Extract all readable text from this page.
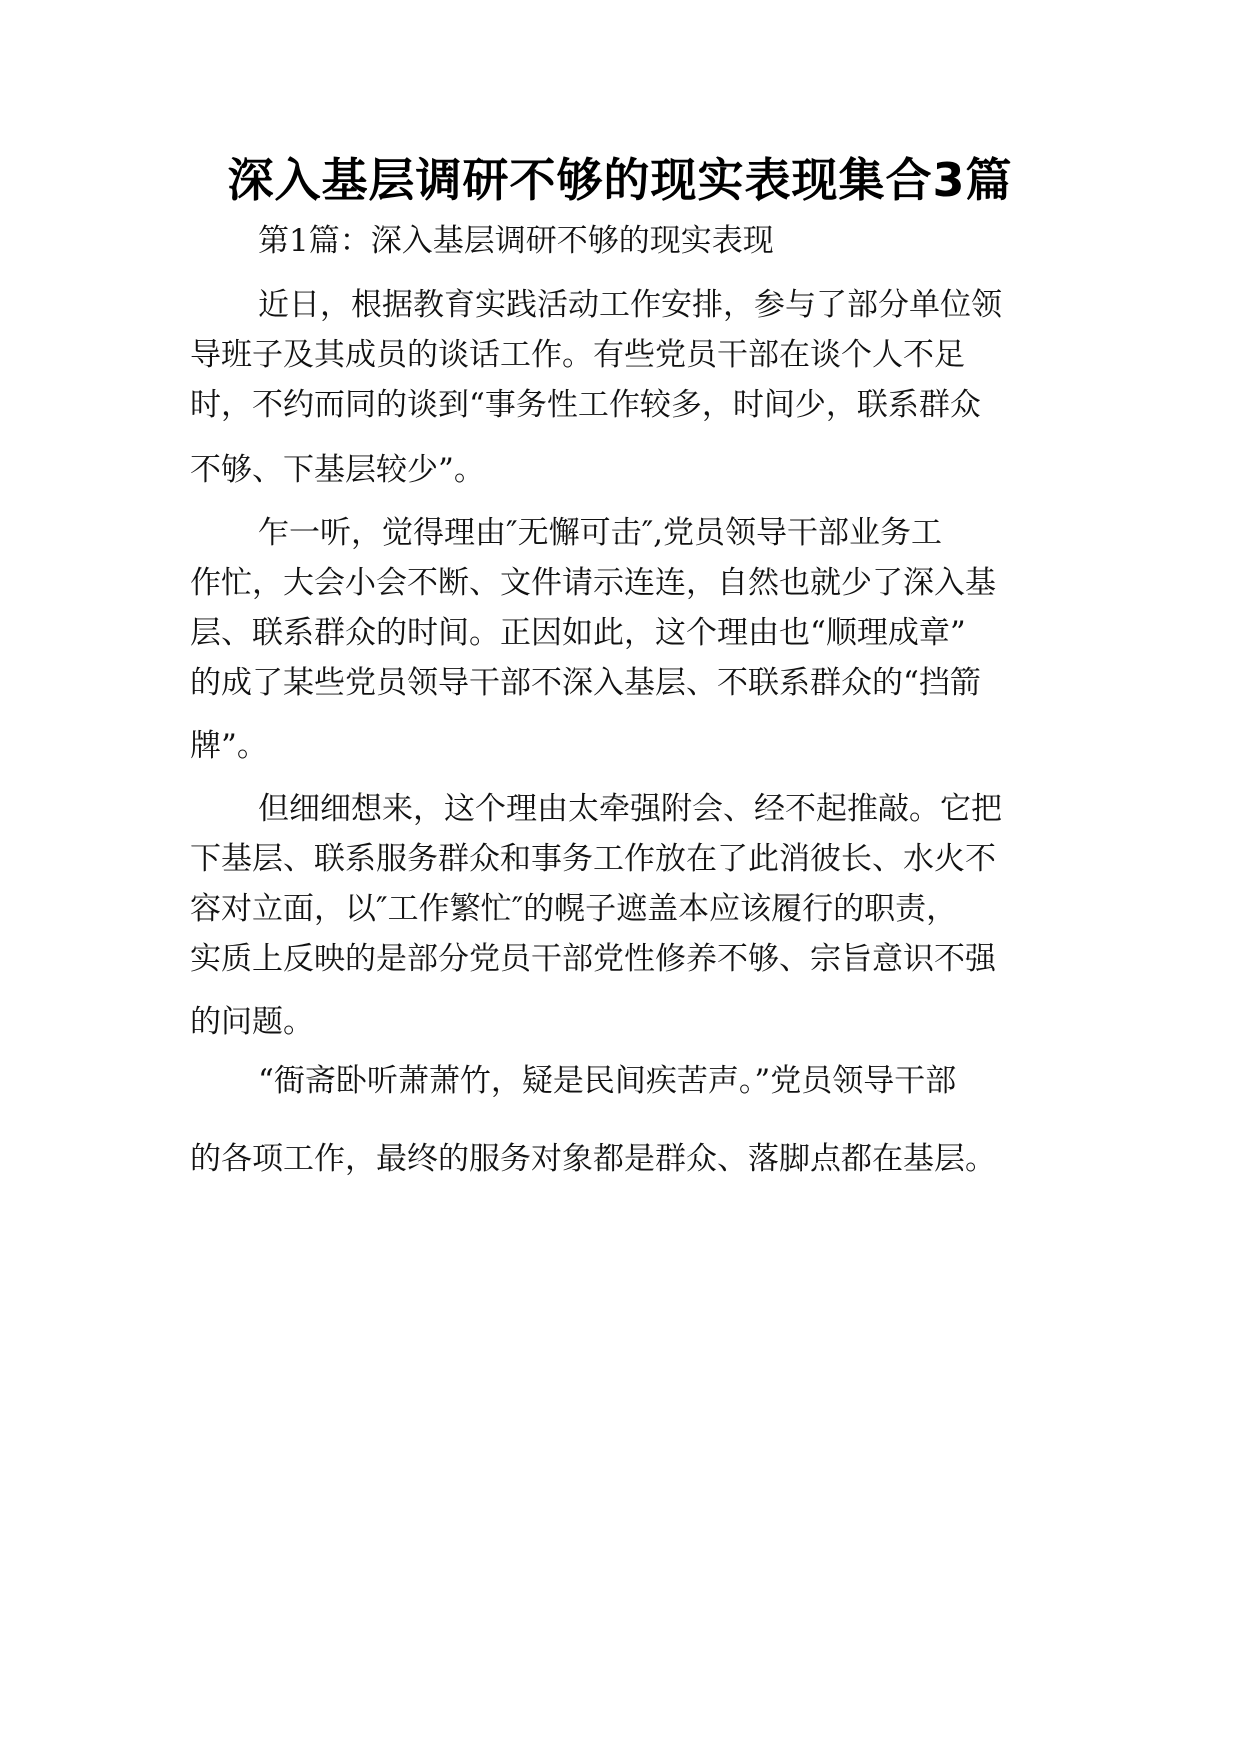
深入基层调研不够的现实表现集合3篇
第1篇：深入基层调研不够的现实表现
近日，根据教育实践活动工作安排，参与了部分单位领
导班子及其成员的谈话工作。有些党员干部在谈个人不足
时，不约而同的谈到“事务性工作较多，时间少，联系群众
不够、下基层较少”。
乍一听，觉得理由″无懈可击″,党员领导干部业务工
作忙，大会小会不断、文件请示连连，自然也就少了深入基
层、联系群众的时间。正因如此，这个理由也“顺理成章”
的成了某些党员领导干部不深入基层、不联系群众的“挡箭
牌”。
但细细想来，这个理由太牵强附会、经不起推敲。它把
下基层、联系服务群众和事务工作放在了此消彼长、水火不
容对立面，以″工作繁忙″的幌子遮盖本应该履行的职责，
实质上反映的是部分党员干部党性修养不够、宗旨意识不强
的问题。
“衙斋卧听萧萧竹，疑是民间疾苦声。”党员领导干部
的各项工作，最终的服务对象都是群众、落脚点都在基层。
